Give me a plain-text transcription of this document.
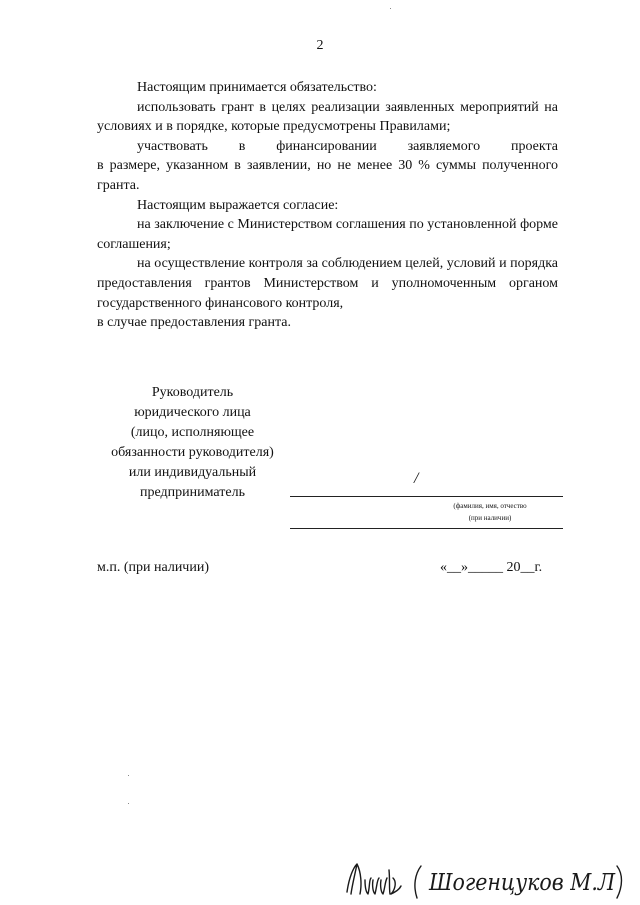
2

Настоящим принимается обязательство:

использовать грант в целях реализации заявленных мероприятий на условиях и в порядке, которые предусмотрены Правилами;

участвовать в финансировании заявляемого проекта

в размере, указанном в заявлении, но не менее 30 % суммы полученного гранта.

Настоящим выражается согласие:

на заключение с Министерством соглашения по установленной форме соглашения;

на осуществление контроля за соблюдением целей, условий и порядка предоставления грантов Министерством и уполномоченным органом государственного финансового контроля,

в случае предоставления гранта.

Руководитель

юридического лица

(лицо, исполняющее

обязанности руководителя)

или индивидуальный

предприниматель

/

(фамилия, имя, отчество

(при наличии)

м.п. (при наличии)	«__»_____ 20__г.
Шогенцуков М.Л
